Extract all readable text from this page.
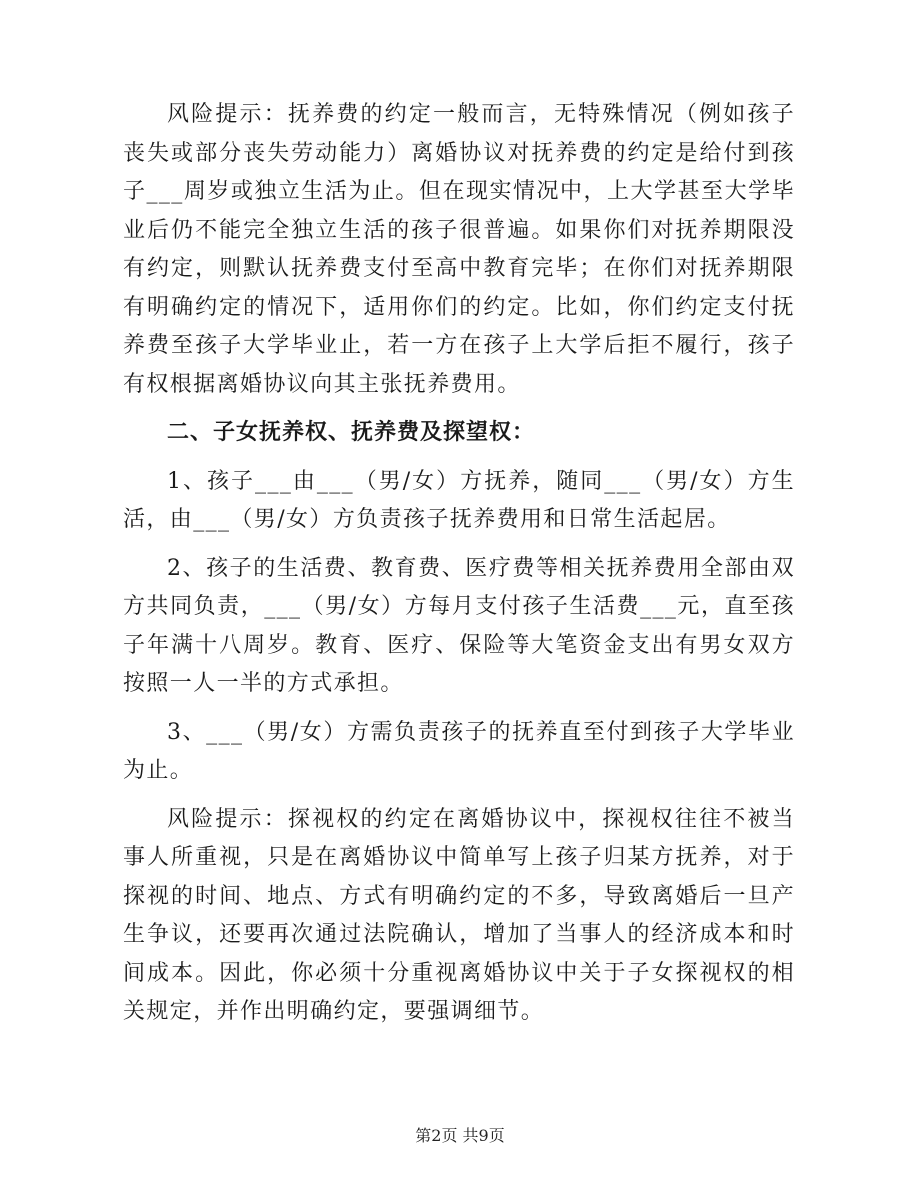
风险提示：抚养费的约定一般而言，无特殊情况（例如孩子丧失或部分丧失劳动能力）离婚协议对抚养费的约定是给付到孩子___周岁或独立生活为止。但在现实情况中，上大学甚至大学毕业后仍不能完全独立生活的孩子很普遍。如果你们对抚养期限没有约定，则默认抚养费支付至高中教育完毕；在你们对抚养期限有明确约定的情况下，适用你们的约定。比如，你们约定支付抚养费至孩子大学毕业止，若一方在孩子上大学后拒不履行，孩子有权根据离婚协议向其主张抚养费用。

二、子女抚养权、抚养费及探望权：

1、孩子___由___（男/女）方抚养，随同___（男/女）方生活，由___（男/女）方负责孩子抚养费用和日常生活起居。

2、孩子的生活费、教育费、医疗费等相关抚养费用全部由双方共同负责，___（男/女）方每月支付孩子生活费___元，直至孩子年满十八周岁。教育、医疗、保险等大笔资金支出有男女双方按照一人一半的方式承担。

3、___（男/女）方需负责孩子的抚养直至付到孩子大学毕业为止。

风险提示：探视权的约定在离婚协议中，探视权往往不被当事人所重视，只是在离婚协议中简单写上孩子归某方抚养，对于探视的时间、地点、方式有明确约定的不多，导致离婚后一旦产生争议，还要再次通过法院确认，增加了当事人的经济成本和时间成本。因此，你必须十分重视离婚协议中关于子女探视权的相关规定，并作出明确约定，要强调细节。

第2页 共9页
